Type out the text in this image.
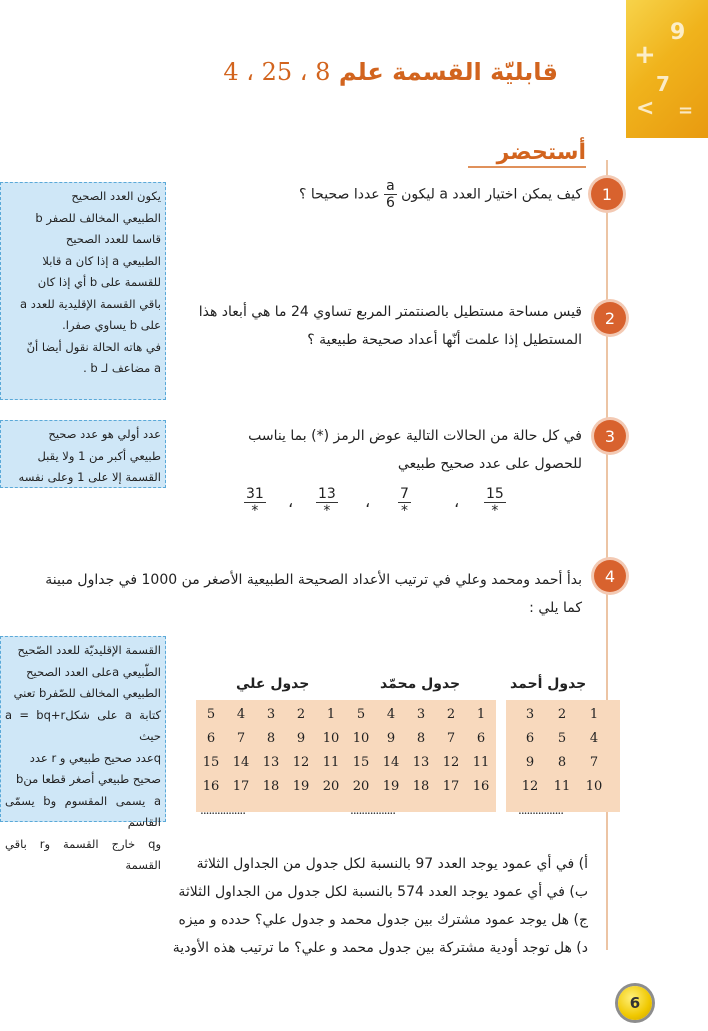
+
9
7
< =
قابليّة القسمة علم 8 ، 25 ، 4
أستحضر
1
كيف يمكن اختيار العدد a ليكون
$\frac{a}{6}$
عددا صحيحا ؟
2
قيس مساحة مستطيل بالصنتمتر المربع تساوي 24 ما هي أبعاد هذا
المستطيل إذا علمت أنّها أعداد صحيحة طبيعية ؟
3
في كل حالة من الحالات التالية عوض الرمز (*) بما يناسب
للحصول على عدد صحيح طبيعي
15
*
،
7
*
،
13
*
،
31
*
4
بدأ أحمد ومحمد وعلي في ترتيب الأعداد الصحيحة الطبيعية الأصغر من 1000 في جداول مبينة
كما يلي :
جدول أحمد
جدول محمّد
جدول علي
1	2	3
4	5	6
7	8	9
10	11	12
................		
1	2	3	4	5
6	7	8	9	10
11	12	13	14	15
16	17	18	19	20
................				
1	2	3	4	5
10	9	8	7	6
11	12	13	14	15
20	19	18	17	16
................				
يكون العدد الصحيح
الطبيعي المخالف للصفر b
قاسما للعدد الصحيح
الطبيعي a إذا كان a قابلا
للقسمة على b أي إذا كان
باقي القسمة الإقليدية للعدد a
على b يساوي صفرا.
في هاته الحالة نقول أيضا أنّ
a مضاعف لـ b .
عدد أولي هو عدد صحيح
طبيعي أكبر من 1 ولا يقبل
القسمة إلا على 1 وعلى نفسه
القسمة الإقليديّة للعدد الصّحيح
الطّبيعي aعلى العدد الصحيح
الطبيعي المخالف للصّفرb تعني
كتابة a على شكلa = bq+r حيث
qعدد صحيح طبيعي و r عدد
صحيح طبيعي أصغر قطعا منb
a يسمى المقسوم وb يسمّى القاسم
وq خارج القسمة وr باقي القسمة	أ) في أي عمود يوجد العدد 97 بالنسبة لكل جدول من الجداول الثلاثة
ب) في أي عمود يوجد العدد 574 بالنسبة لكل جدول من الجداول الثلاثة
ج) هل يوجد عمود مشترك بين جدول محمد و جدول علي؟ حدده و ميزه
د) هل توجد أودية مشتركة بين جدول محمد و علي؟ ما ترتيب هذه الأودية
6
